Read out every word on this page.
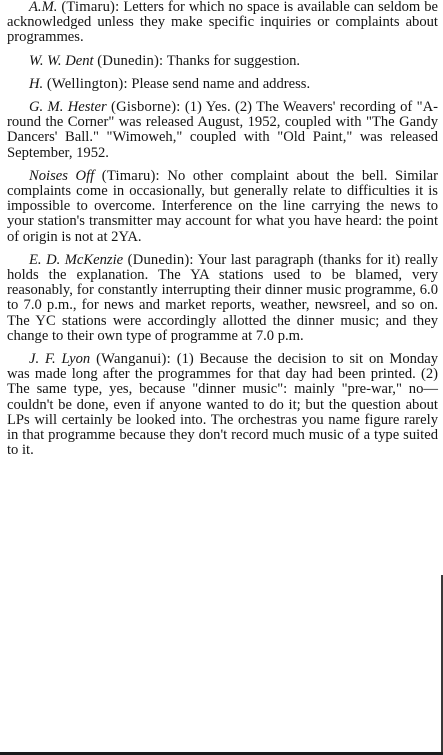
A.M. (Timaru): Letters for which no space is available can seldom be acknowledged unless they make specific inquiries or complaints about programmes.

W. W. Dent (Dunedin): Thanks for suggestion.

H. (Wellington): Please send name and address.

G. M. Hester (Gisborne): (1) Yes. (2) The Weavers' recording of "A-round the Corner" was released August, 1952, coupled with "The Gandy Dancers' Ball." "Wimoweh," coupled with "Old Paint," was released September, 1952.

Noises Off (Timaru): No other complaint about the bell. Similar complaints come in occasionally, but generally relate to difficulties it is impossible to overcome. Interference on the line carrying the news to your station's transmitter may account for what you have heard: the point of origin is not at 2YA.

E. D. McKenzie (Dunedin): Your last paragraph (thanks for it) really holds the explanation. The YA stations used to be blamed, very reasonably, for constantly interrupting their dinner music programme, 6.0 to 7.0 p.m., for news and market reports, weather, newsreel, and so on. The YC stations were accordingly allotted the dinner music; and they change to their own type of programme at 7.0 p.m.

J. F. Lyon (Wanganui): (1) Because the decision to sit on Monday was made long after the programmes for that day had been printed. (2) The same type, yes, because "dinner music": mainly "pre-war," no—couldn't be done, even if anyone wanted to do it; but the question about LPs will certainly be looked into. The orchestras you name figure rarely in that programme because they don't record much music of a type suited to it.
